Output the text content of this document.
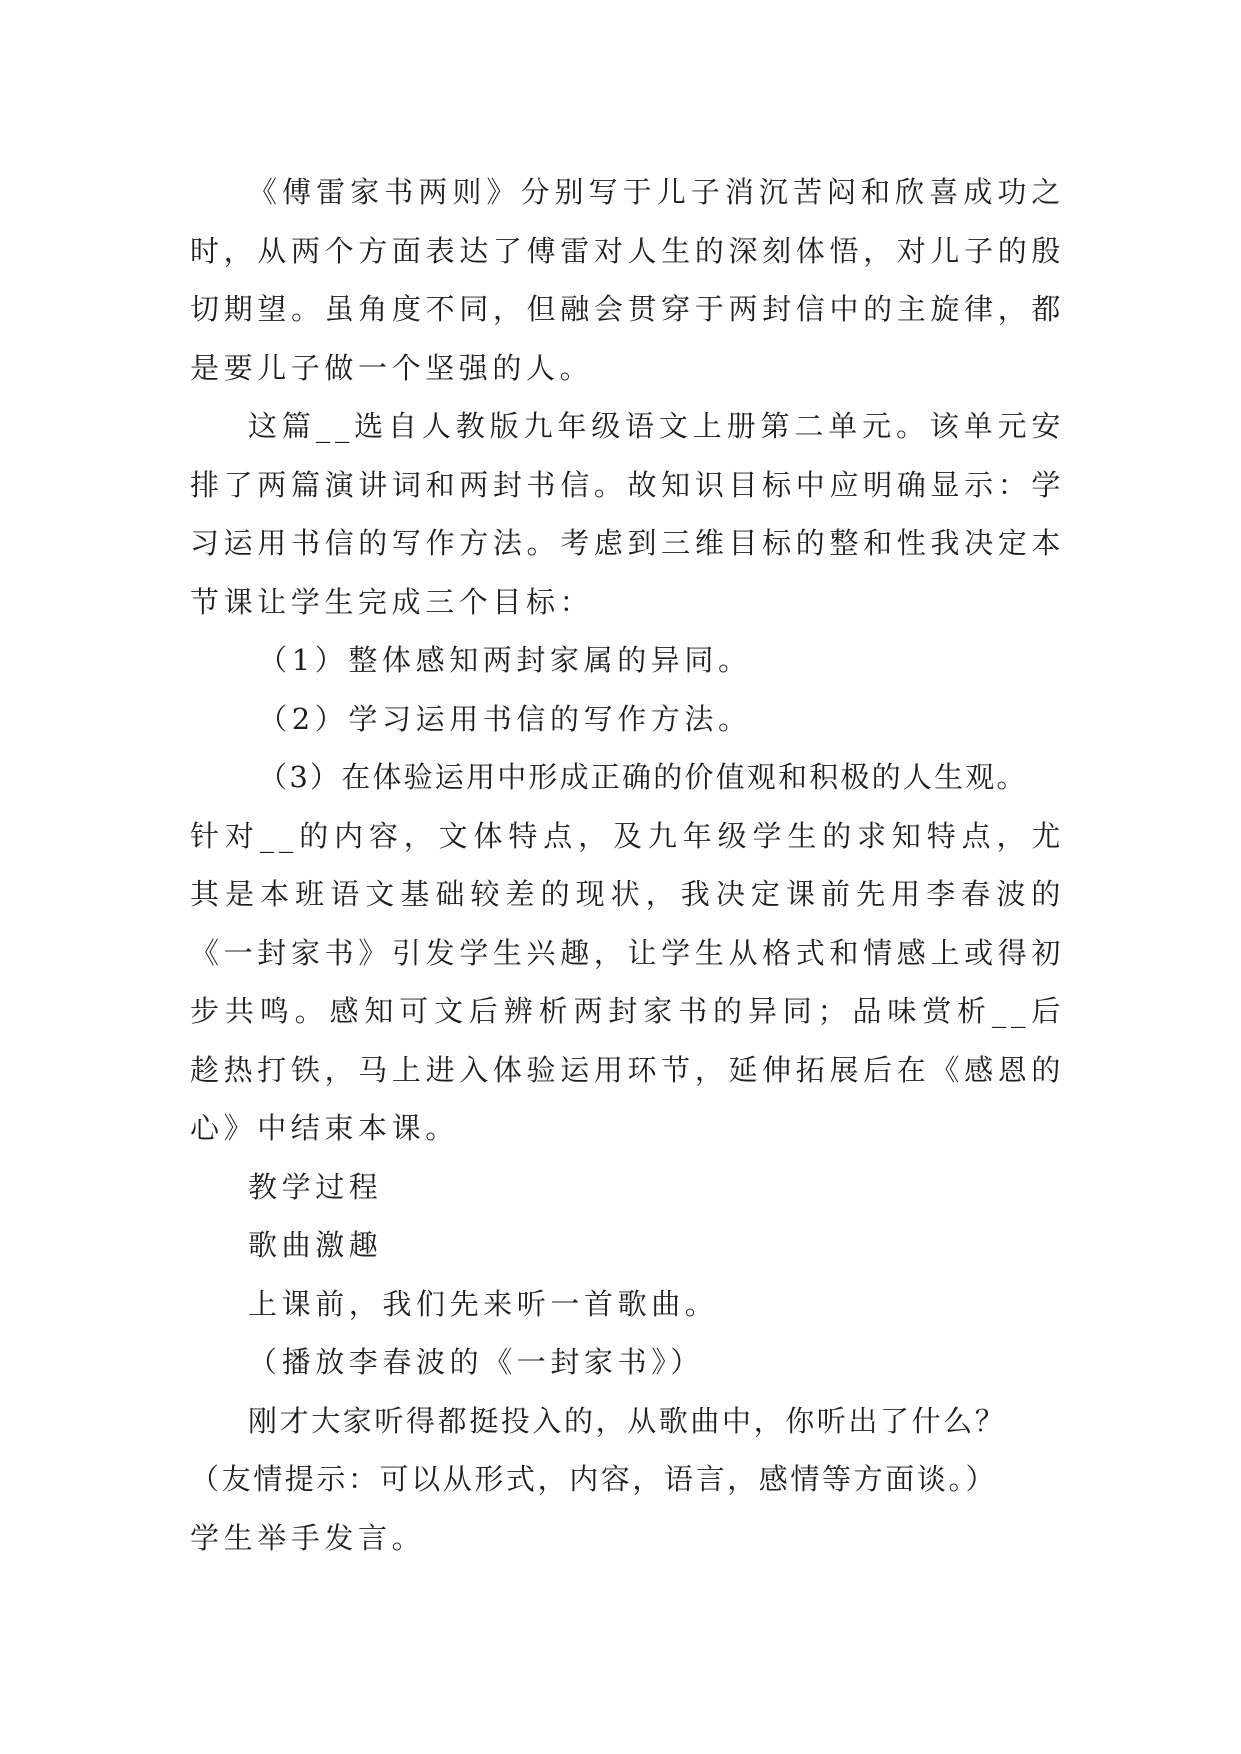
《傅雷家书两则》分别写于儿子消沉苦闷和欣喜成功之时，从两个方面表达了傅雷对人生的深刻体悟，对儿子的殷切期望。虽角度不同，但融会贯穿于两封信中的主旋律，都是要儿子做一个坚强的人。

这篇__选自人教版九年级语文上册第二单元。该单元安排了两篇演讲词和两封书信。故知识目标中应明确显示：学习运用书信的写作方法。考虑到三维目标的整和性我决定本节课让学生完成三个目标：

（1）整体感知两封家属的异同。

（2）学习运用书信的写作方法。

（3）在体验运用中形成正确的价值观和积极的人生观。

针对__的内容，文体特点，及九年级学生的求知特点，尤其是本班语文基础较差的现状，我决定课前先用李春波的《一封家书》引发学生兴趣，让学生从格式和情感上或得初步共鸣。感知可文后辨析两封家书的异同；品味赏析__后趁热打铁，马上进入体验运用环节，延伸拓展后在《感恩的心》中结束本课。

教学过程

歌曲激趣

上课前，我们先来听一首歌曲。

（播放李春波的《一封家书》）

刚才大家听得都挺投入的，从歌曲中，你听出了什么？

（友情提示：可以从形式，内容，语言，感情等方面谈。）

学生举手发言。
